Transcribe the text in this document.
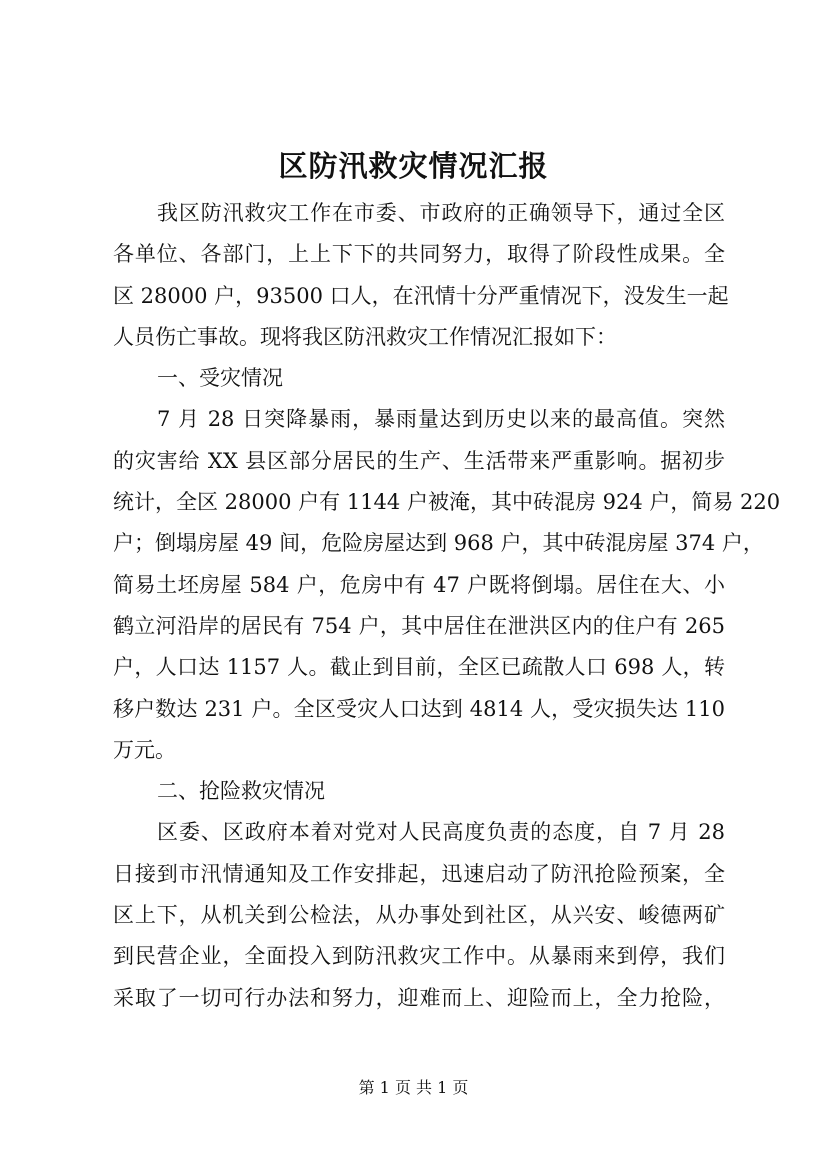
区防汛救灾情况汇报
我区防汛救灾工作在市委、市政府的正确领导下，通过全区
各单位、各部门，上上下下的共同努力，取得了阶段性成果。全
区 28000 户，93500 口人，在汛情十分严重情况下，没发生一起
人员伤亡事故。现将我区防汛救灾工作情况汇报如下：
一、受灾情况
7 月 28 日突降暴雨，暴雨量达到历史以来的最高值。突然
的灾害给 XX 县区部分居民的生产、生活带来严重影响。据初步
统计，全区 28000 户有 1144 户被淹，其中砖混房 924 户，简易 220
户；倒塌房屋 49 间，危险房屋达到 968 户，其中砖混房屋 374 户，
简易土坯房屋 584 户，危房中有 47 户既将倒塌。居住在大、小
鹤立河沿岸的居民有 754 户，其中居住在泄洪区内的住户有 265
户，人口达 1157 人。截止到目前，全区已疏散人口 698 人，转
移户数达 231 户。全区受灾人口达到 4814 人，受灾损失达 110
万元。
二、抢险救灾情况
区委、区政府本着对党对人民高度负责的态度，自 7 月 28
日接到市汛情通知及工作安排起，迅速启动了防汛抢险预案，全
区上下，从机关到公检法，从办事处到社区，从兴安、峻德两矿
到民营企业，全面投入到防汛救灾工作中。从暴雨来到停，我们
采取了一切可行办法和努力，迎难而上、迎险而上，全力抢险，
第 1 页 共 1 页
